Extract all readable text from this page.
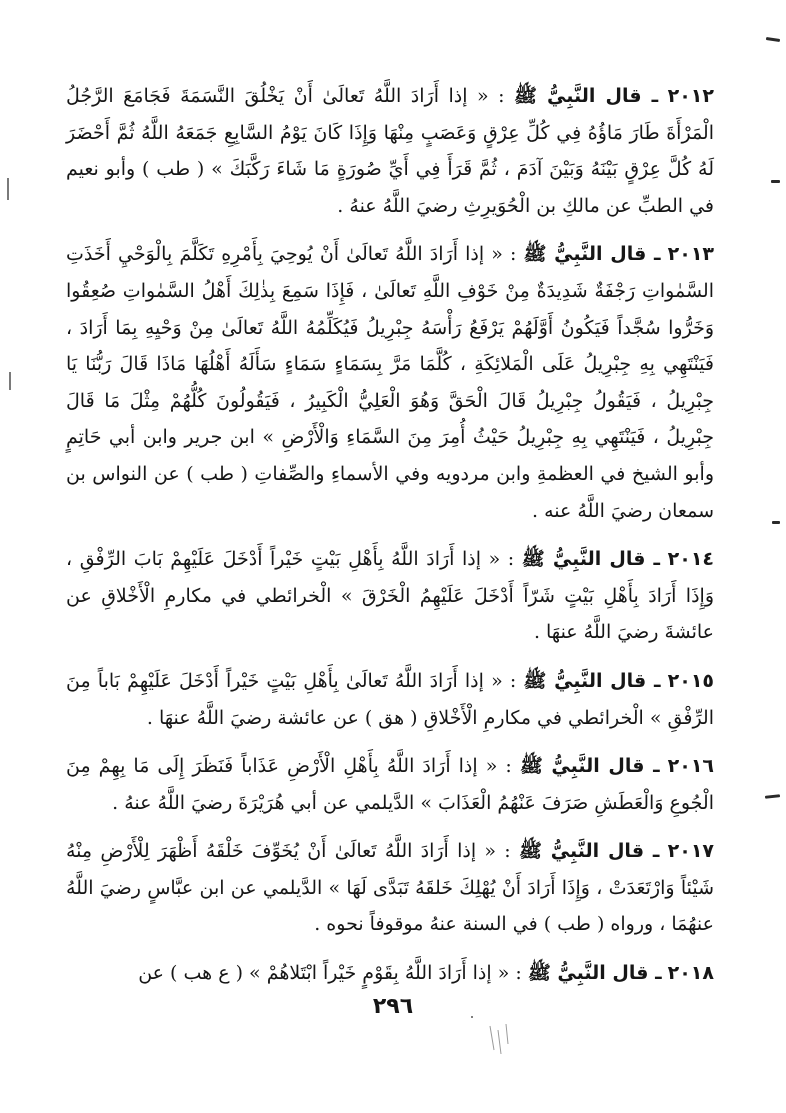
٢٠١٢ ـ قال النَّبِيُّ ﷺ : « إذا أَرَادَ اللَّهُ تَعالَىٰ أَنْ يَخْلُقَ النَّسَمَةَ فَجَامَعَ الرَّجُلُ الْمَرْأَةَ طَارَ مَاؤُهُ فِي كُلِّ عِرْقٍ وَعَصَبٍ مِنْهَا وَإِذَا كَانَ يَوْمُ السَّابِعِ جَمَعَهُ اللَّهُ ثُمَّ أَحْضَرَ لَهُ كُلَّ عِرْقٍ بَيْنَهُ وَبَيْنَ آدَمَ ، ثُمَّ قَرَأَ فِي أَيِّ صُورَةٍ مَا شَاءَ رَكَّبَكَ » ( طب ) وأبو نعيم في الطبِّ عن مالكِ بن الْحُوَيرِثِ رضيَ اللَّهُ عنهُ .

٢٠١٣ ـ قال النَّبِيُّ ﷺ : « إذا أَرَادَ اللَّهُ تَعالَىٰ أَنْ يُوحِيَ بِأَمْرِهِ تَكَلَّمَ بِالْوَحْيِ أَخَذَتِ السَّمٰواتِ رَجْفَةٌ شَدِيدَةٌ مِنْ خَوْفِ اللَّهِ تَعالَىٰ ، فَإِذَا سَمِعَ بِذٰلِكَ أَهْلُ السَّمٰواتِ صُعِقُوا وَخَرُّوا سُجَّداً فَيَكُونُ أَوَّلَهُمْ يَرْفَعُ رَأْسَهُ جِبْرِيلُ فَيُكَلِّمُهُ اللَّهُ تَعالَىٰ مِنْ وَحْيِهِ بِمَا أَرَادَ ، فَيَنْتَهِي بِهِ جِبْرِيلُ عَلَى الْمَلائِكَةِ ، كُلَّمَا مَرَّ بِسَمَاءٍ سَمَاءٍ سَأَلَهُ أَهْلُهَا مَاذَا قَالَ رَبُّنَا يَا جِبْرِيلُ ، فَيَقُولُ جِبْرِيلُ قَالَ الْحَقَّ وَهُوَ الْعَلِيُّ الْكَبِيرُ ، فَيَقُولُونَ كُلُّهُمْ مِثْلَ مَا قَالَ جِبْرِيلُ ، فَيَنْتَهِي بِهِ جِبْرِيلُ حَيْثُ أُمِرَ مِنَ السَّمَاءِ وَالْأَرْضِ » ابن جرير وابن أبي حَاتِمٍ وأبو الشيخ في العظمةِ وابن مردويه وفي الأسماءِ والصِّفاتِ ( طب ) عن النواس بن سمعان رضيَ اللَّهُ عنه .

٢٠١٤ ـ قال النَّبِيُّ ﷺ : « إذا أَرَادَ اللَّهُ بِأَهْلِ بَيْتٍ خَيْراً أَدْخَلَ عَلَيْهِمْ بَابَ الرِّفْقِ ، وَإِذَا أَرَادَ بِأَهْلِ بَيْتٍ شَرّاً أَدْخَلَ عَلَيْهِمُ الْخَرْقَ » الْخرائطي في مكارمِ الْأَخْلاقِ عن عائشةَ رضيَ اللَّهُ عنهَا .

٢٠١٥ ـ قال النَّبِيُّ ﷺ : « إذا أَرَادَ اللَّهُ تَعالَىٰ بِأَهْلِ بَيْتٍ خَيْراً أَدْخَلَ عَلَيْهِمْ بَاباً مِنَ الرِّفْقِ » الْخرائطي في مكارمِ الْأَخْلاقِ ( هق ) عن عائشة رضيَ اللَّهُ عنهَا .

٢٠١٦ ـ قال النَّبِيُّ ﷺ : « إذا أَرَادَ اللَّهُ بِأَهْلِ الْأَرْضِ عَذَاباً فَنَظَرَ إِلَى مَا بِهِمْ مِنَ الْجُوعِ وَالْعَطَشِ صَرَفَ عَنْهُمُ الْعَذَابَ » الدَّيلمي عن أبي هُرَيْرَةَ رضيَ اللَّهُ عنهُ .

٢٠١٧ ـ قال النَّبِيُّ ﷺ : « إذا أَرَادَ اللَّهُ تَعالَىٰ أَنْ يُخَوِّفَ خَلْقَهُ أَظْهَرَ لِلْأَرْضِ مِنْهُ شَيْئاً وَارْتَعَدَتْ ، وَإِذَا أَرَادَ أَنْ يُهْلِكَ خَلقَهُ تَبَدَّى لَهَا » الدَّيلمي عن ابن عبَّاسٍ رضيَ اللَّهُ عنهُمَا ، ورواه ( طب ) في السنة عنهُ موقوفاً نحوه .

٢٠١٨ ـ قال النَّبِيُّ ﷺ : « إذا أَرَادَ اللَّهُ بِقَوْمٍ خَيْراً ابْتَلاهُمْ » ( ع هب ) عن

٢٩٦
